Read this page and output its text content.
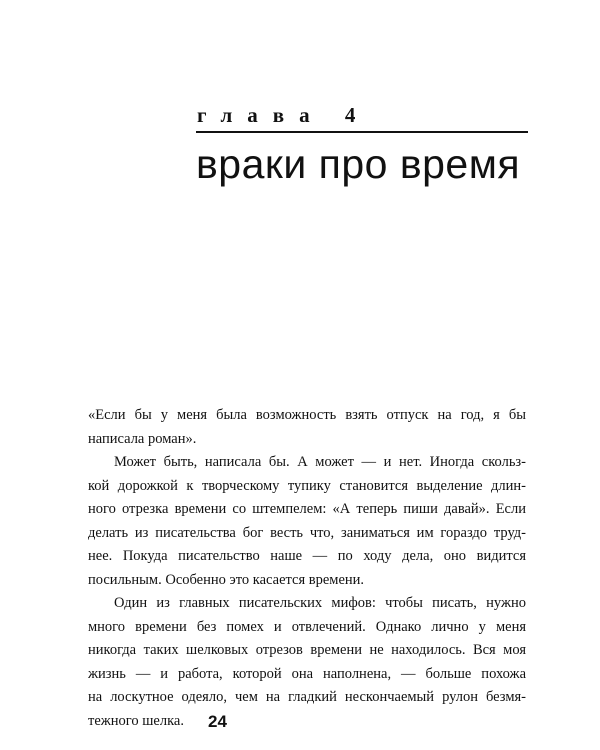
глава 4
враки про время

«Если бы у меня была возможность взять отпуск на год, я бы
написала роман».

Может быть, написала бы. А может — и нет. Иногда скольз-
кой дорожкой к творческому тупику становится выделение длин-
ного отрезка времени со штемпелем: «А теперь пиши давай». Если
делать из писательства бог весть что, заниматься им гораздо труд-
нее. Покуда писательство наше — по ходу дела, оно видится
посильным. Особенно это касается времени.

Один из главных писательских мифов: чтобы писать, нужно
много времени без помех и отвлечений. Однако лично у меня
никогда таких шелковых отрезов времени не находилось. Вся моя
жизнь — и работа, которой она наполнена, — больше похожа
на лоскутное одеяло, чем на гладкий нескончаемый рулон безмя-
тежного шелка.	24
